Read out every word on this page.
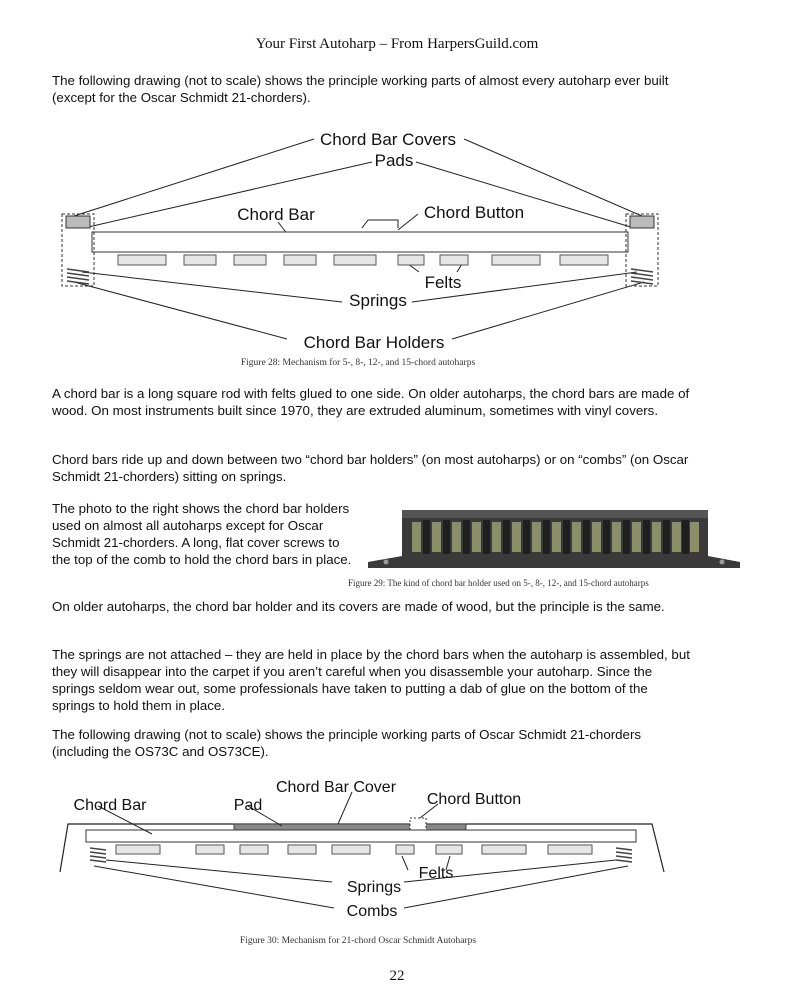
Your First Autoharp – From HarpersGuild.com
The following drawing (not to scale) shows the principle working parts of almost every autoharp ever built (except for the Oscar Schmidt 21-chorders).
Chord Bar Covers
Pads
Chord Bar	Chord Button
Felts
Springs
Chord Bar Holders
Figure 28: Mechanism for 5-, 8-, 12-, and 15-chord autoharps
A chord bar is a long square rod with felts glued to one side. On older autoharps, the chord bars are made of wood. On most instruments built since 1970, they are extruded aluminum, sometimes with vinyl covers.
Chord bars ride up and down between two “chord bar holders” (on most autoharps) or on “combs” (on Oscar Schmidt 21-chorders) sitting on springs.
The photo to the right shows the chord bar holders used on almost all autoharps except for Oscar Schmidt 21-chorders. A long, flat cover screws to the top of the comb to hold the chord bars in place.
Figure 29: The kind of chord bar holder used on 5-, 8-, 12-, and 15-chord autoharps
On older autoharps, the chord bar holder and its covers are made of wood, but the principle is the same.
The springs are not attached – they are held in place by the chord bars when the autoharp is assembled, but they will disappear into the carpet if you aren’t careful when you disassemble your autoharp. Since the springs seldom wear out, some professionals have taken to putting a dab of glue on the bottom of the springs to hold them in place.
The following drawing (not to scale) shows the principle working parts of Oscar Schmidt 21-chorders (including the OS73C and OS73CE).
Chord Bar	Pad
Chord Bar Cover
Chord Button
Felts
Springs
Combs
Figure 30: Mechanism for 21-chord Oscar Schmidt Autoharps
22
